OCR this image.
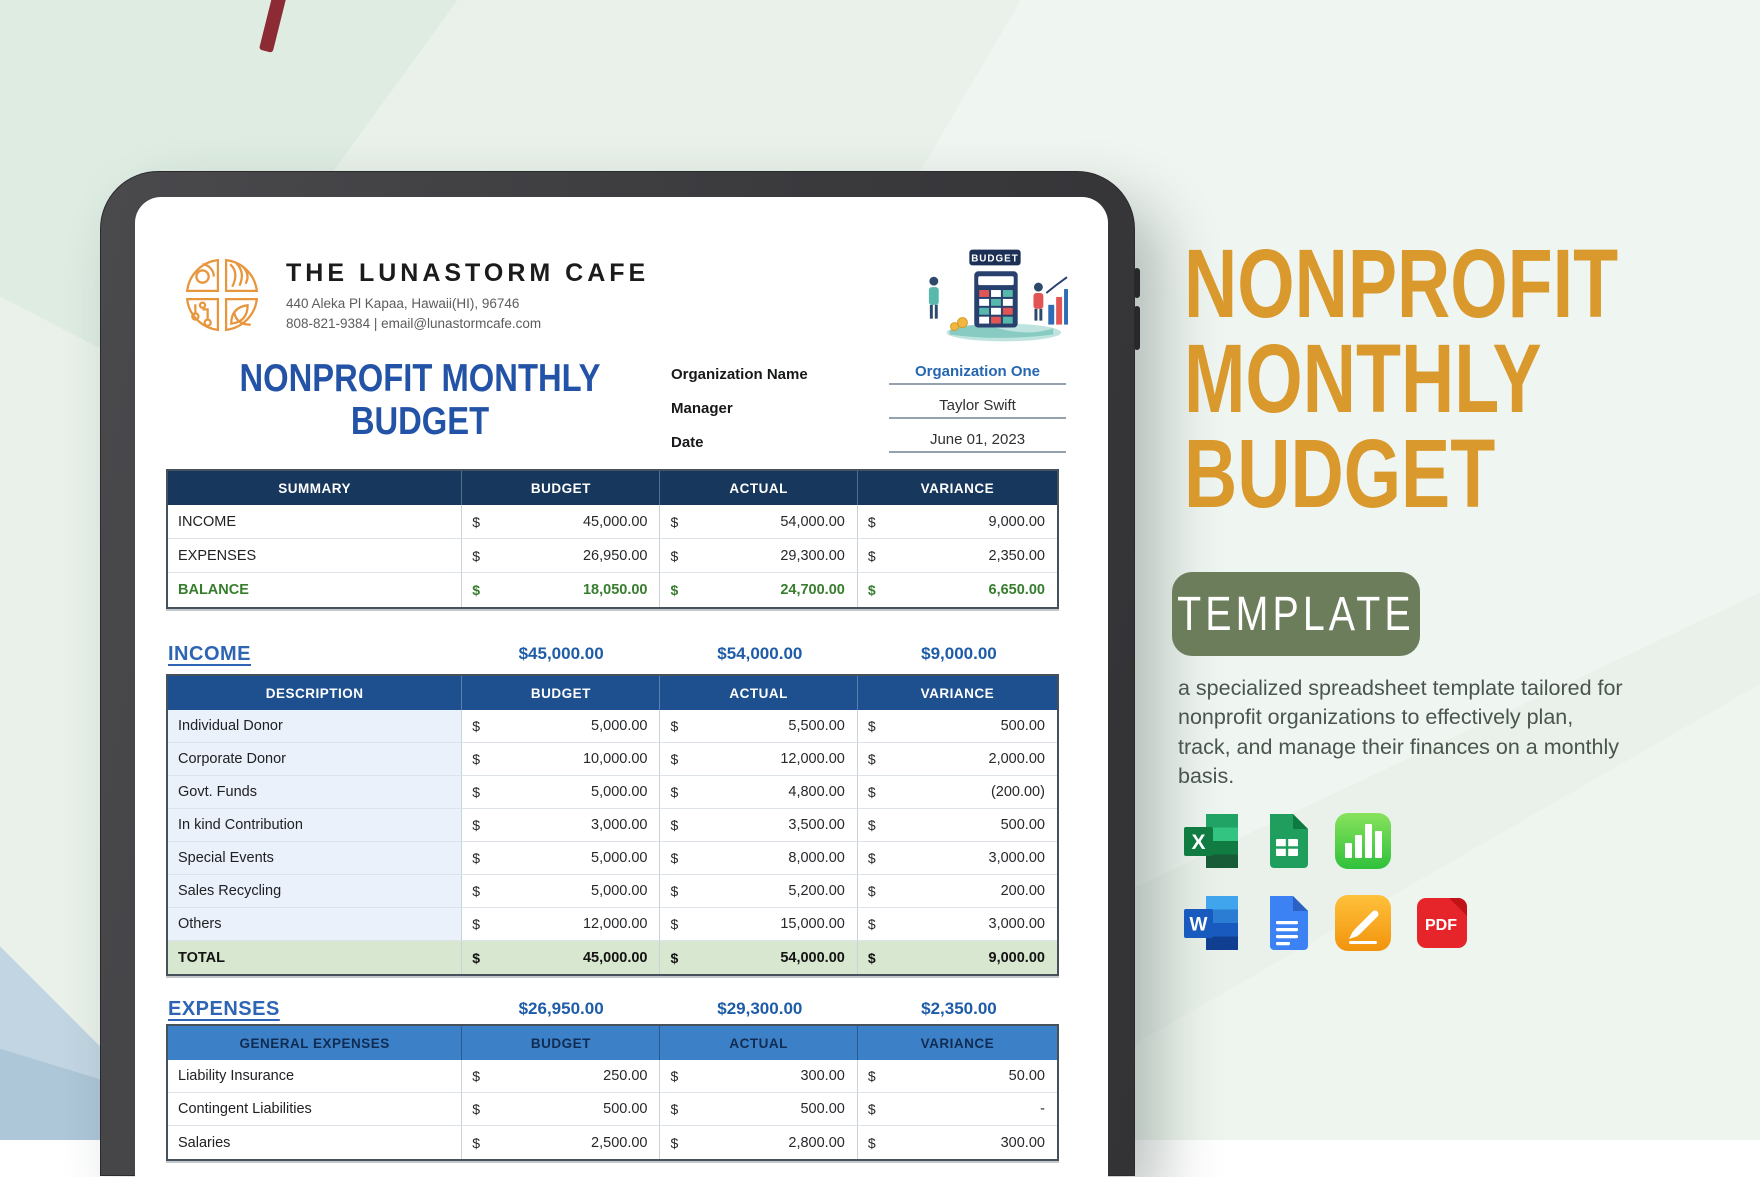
THE LUNASTORM CAFE
440 Aleka Pl Kapaa, Hawaii(HI), 96746
808-821-9384 | email@lunastormcafe.com
BUDGET
NONPROFIT MONTHLY
BUDGET
Organization Name	Organization One
Manager	Taylor Swift
Date	June 01, 2023
SUMMARY	BUDGET	ACTUAL	VARIANCE
INCOME	$	45,000.00 $	54,000.00 $	9,000.00
EXPENSES	$	26,950.00 $	29,300.00 $	2,350.00
BALANCE	$	18,050.00 $	24,700.00 $	6,650.00
INCOME	$45,000.00	$54,000.00	$9,000.00
DESCRIPTION	BUDGET	ACTUAL	VARIANCE
Individual Donor	$	5,000.00 $	5,500.00 $	500.00
Corporate Donor	$	10,000.00 $	12,000.00 $	2,000.00
Govt. Funds	$	5,000.00 $	4,800.00 $	(200.00)
In kind Contribution	$	3,000.00 $	3,500.00 $	500.00
Special Events	$	5,000.00 $	8,000.00 $	3,000.00
Sales Recycling	$	5,000.00 $	5,200.00 $	200.00
Others	$	12,000.00 $	15,000.00 $	3,000.00
TOTAL	$	45,000.00 $	54,000.00 $	9,000.00
EXPENSES	$26,950.00	$29,300.00	$2,350.00
GENERAL EXPENSES	BUDGET	ACTUAL	VARIANCE
Liability Insurance	$	250.00 $	300.00 $	50.00
Contingent Liabilities	$	500.00 $	500.00 $	-
Salaries	$	2,500.00 $	2,800.00 $	300.00
NONPROFIT
MONTHLY
BUDGET
TEMPLATE
a specialized spreadsheet template tailored for nonprofit organizations to effectively plan, track, and manage their finances on a monthly basis.
X
W	PDF
